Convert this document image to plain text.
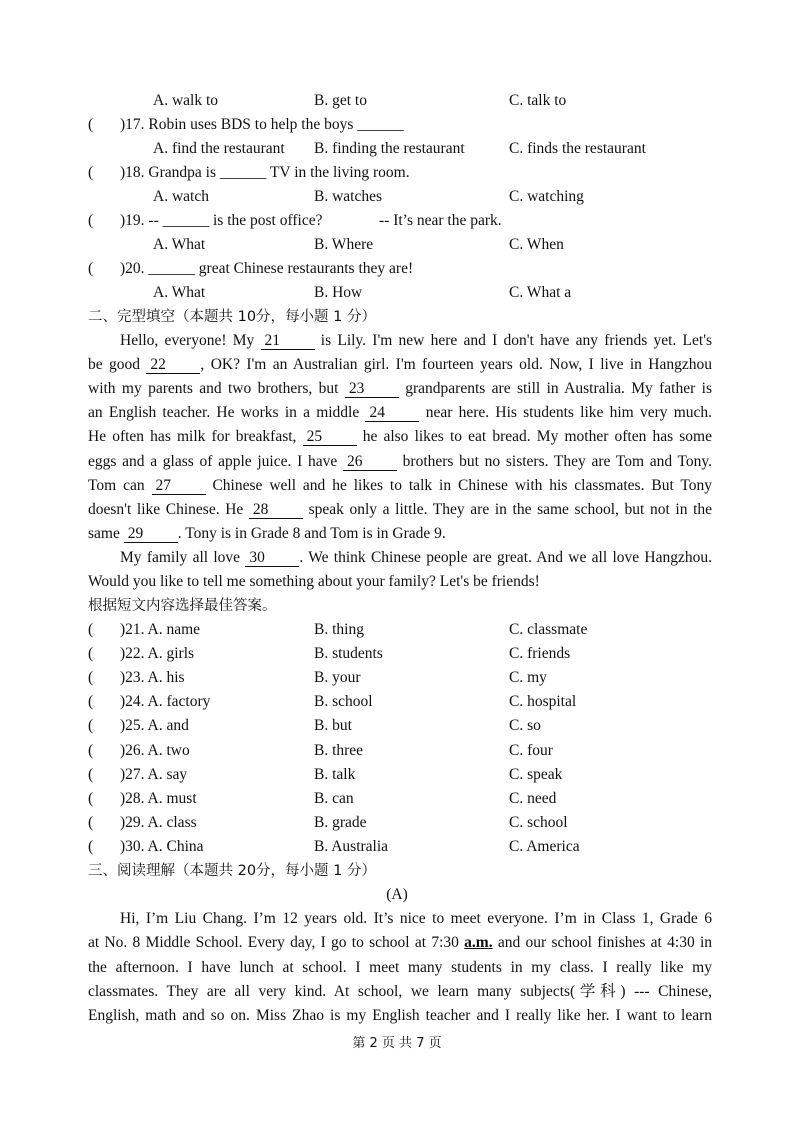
A. walk to	B. get to	C. talk to
( )17. Robin uses BDS to help the boys ______
A. find the restaurant B. finding the restaurant	C. finds the restaurant
( )18. Grandpa is ______ TV in the living room.
A. watch	B. watches	C. watching
( )19. -- ______ is the post office?	-- It’s near the park.
A. What	B. Where	C. When
( )20. ______ great Chinese restaurants they are!
A. What	B. How	C. What a
二、完型填空（本题共 10分，每小题 1 分）
Hello, everyone! My 21	is Lily. I'm new here and I don't have any friends yet. Let's
be good 22 , OK? I'm an Australian girl. I'm fourteen years old. Now, I live in Hangzhou
with my parents and two brothers, but 23	grandparents are still in Australia. My father is
an English teacher. He works in a middle 24	near here. His students like him very much.
He often has milk for breakfast, 25	he also likes to eat bread. My mother often has some
eggs and a glass of apple juice. I have 26	brothers but no sisters. They are Tom and Tony.
Tom can 27	Chinese well and he likes to talk in Chinese with his classmates. But Tony
doesn't like Chinese. He 28	speak only a little. They are in the same school, but not in the
same 29 . Tony is in Grade 8 and Tom is in Grade 9.
My family all love 30 . We think Chinese people are great. And we all love Hangzhou.
Would you like to tell me something about your family? Let's be friends!
根据短文内容选择最佳答案。
( )21. A. name	B. thing	C. classmate
( )22. A. girls	B. students	C. friends
( )23. A. his	B. your	C. my
( )24. A. factory	B. school	C. hospital
( )25. A. and	B. but	C. so
( )26. A. two	B. three	C. four
( )27. A. say	B. talk	C. speak
( )28. A. must	B. can	C. need
( )29. A. class	B. grade	C. school
( )30. A. China	B. Australia	C. America
三、阅读理解（本题共 20分，每小题 1 分）
(A)
Hi, I’m Liu Chang. I’m 12 years old. It’s nice to meet everyone. I’m in Class 1, Grade 6
at No. 8 Middle School. Every day, I go to school at 7:30 a.m. and our school finishes at 4:30 in
the afternoon. I have lunch at school. I meet many students in my class. I really like my
classmates. They are all very kind. At school, we learn many subjects(学科) --- Chinese,
English, math and so on. Miss Zhao is my English teacher and I really like her. I want to learn
第 2 页 共 7 页
